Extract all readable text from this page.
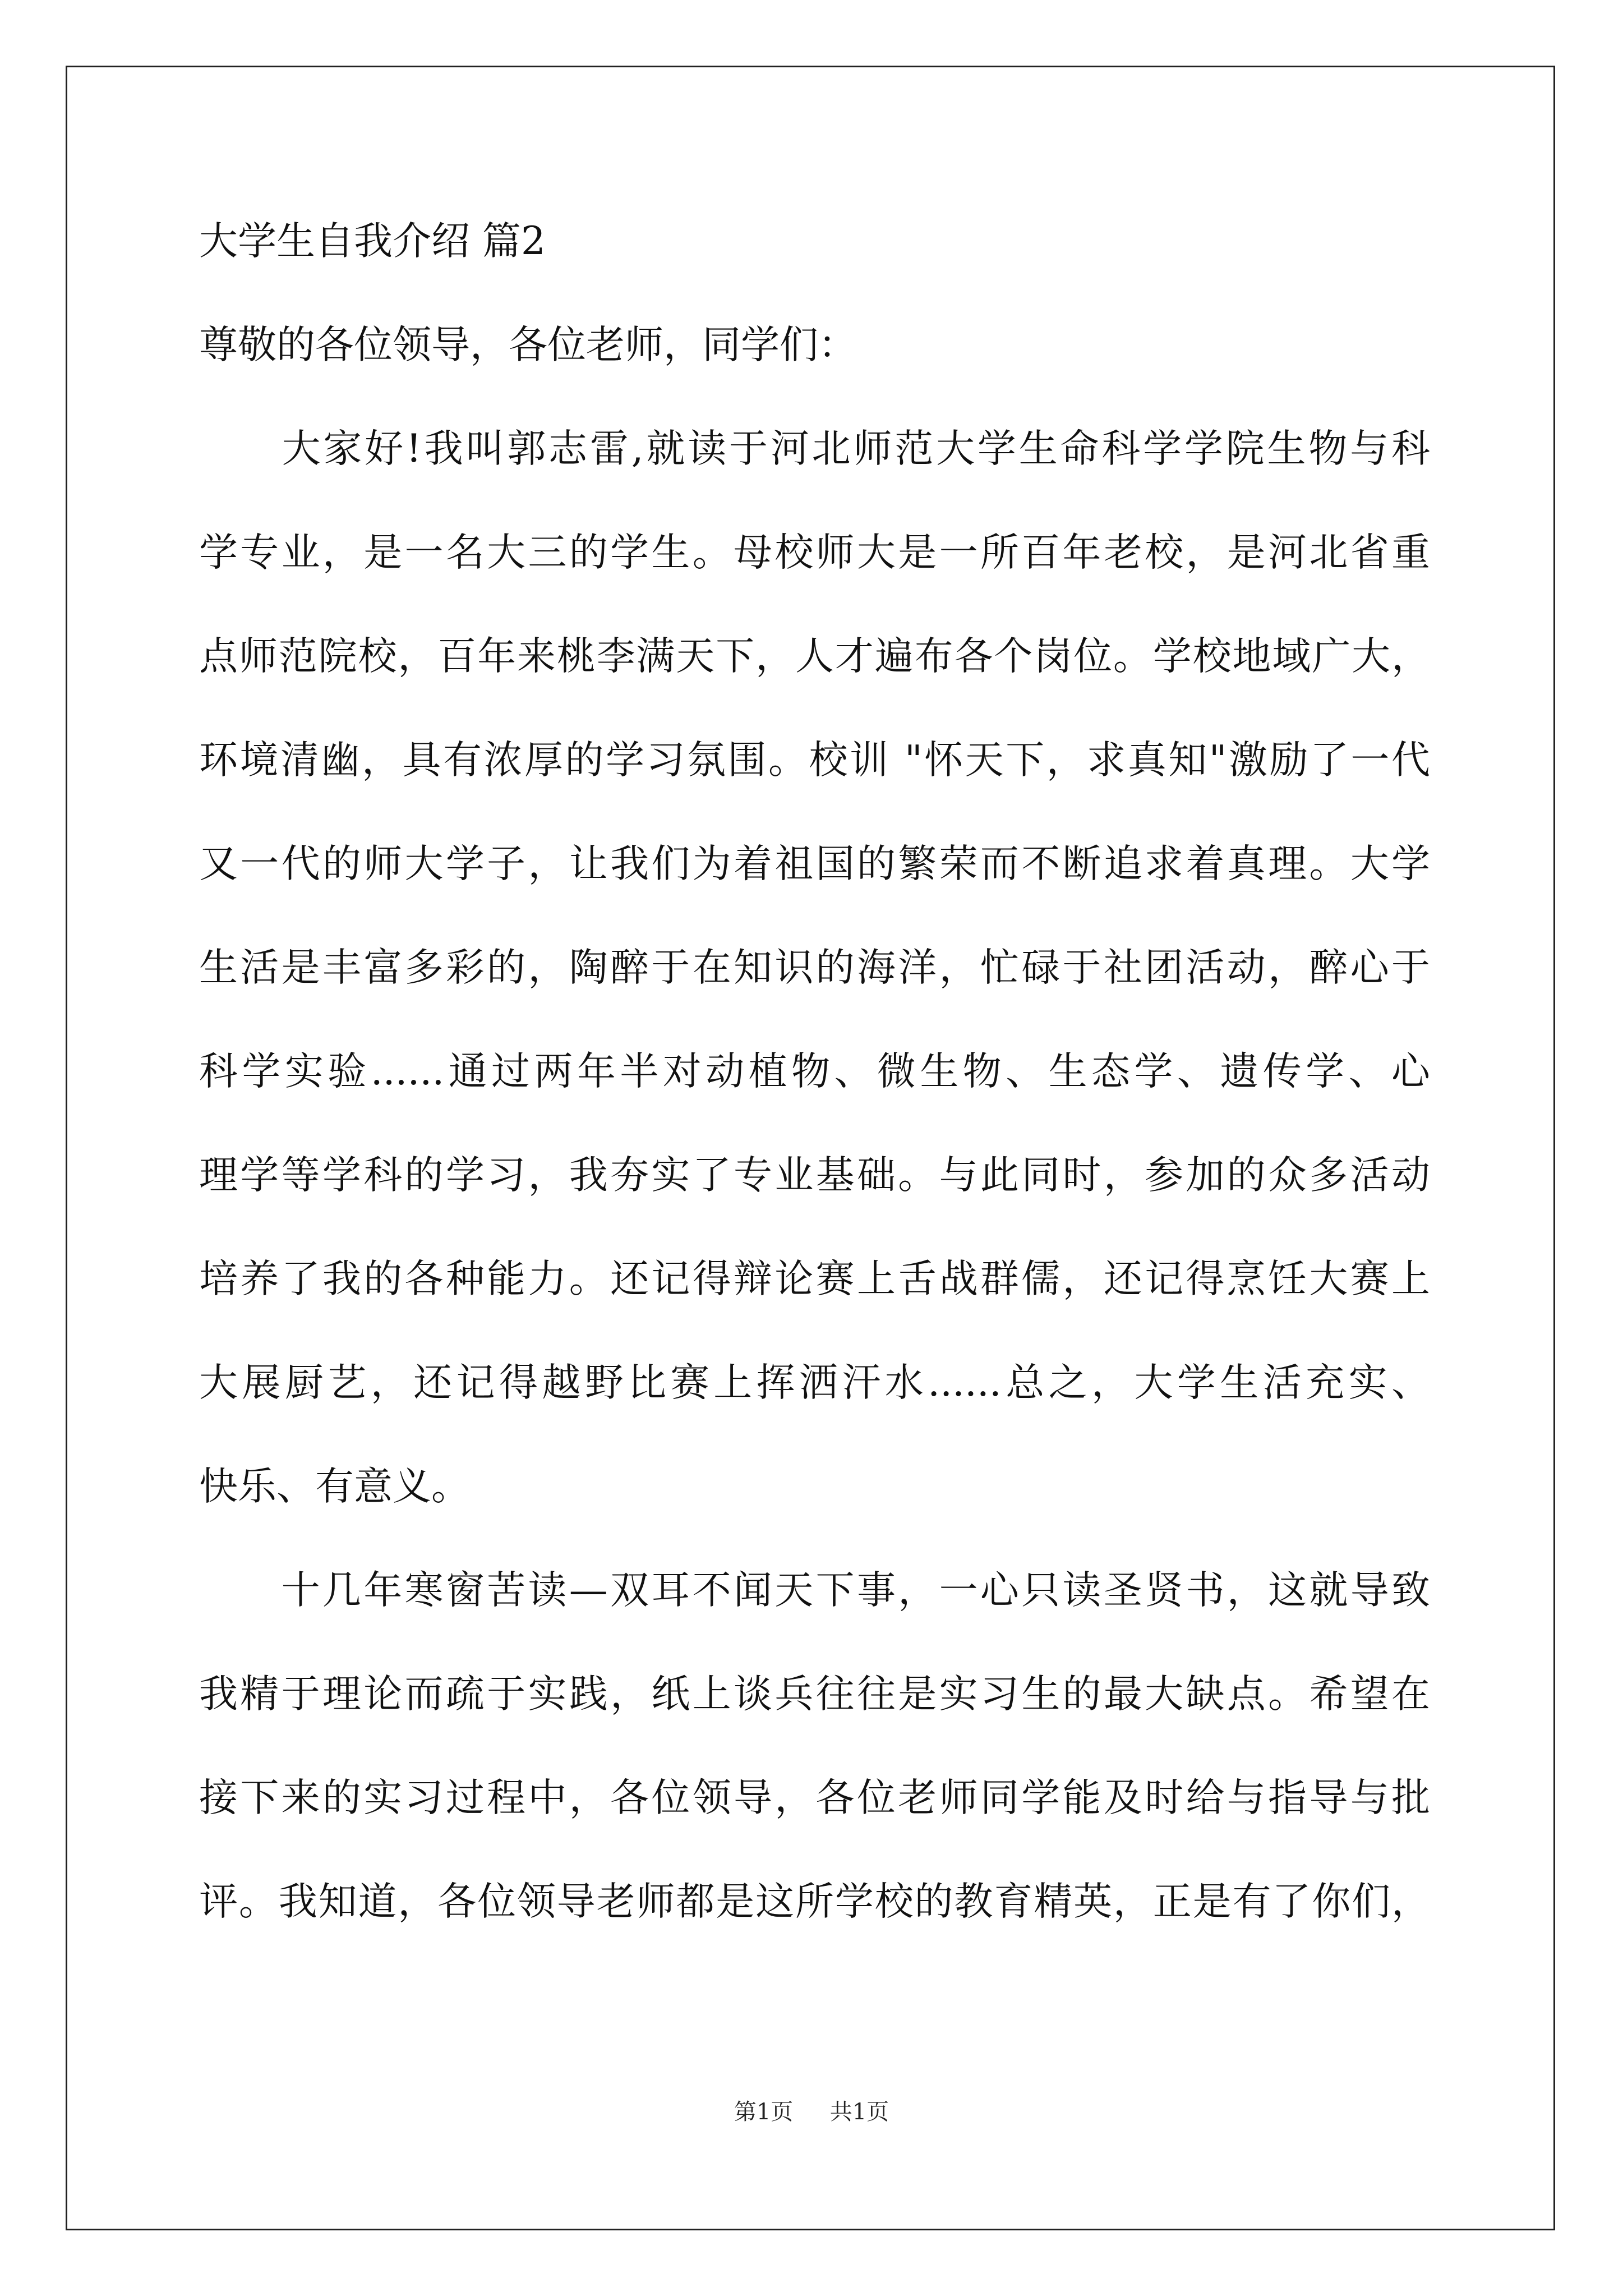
大学生自我介绍 篇2

尊敬的各位领导，各位老师，同学们：

　　大家好!我叫郭志雷,就读于河北师范大学生命科学学院生物与科
学专业，是一名大三的学生。母校师大是一所百年老校，是河北省重
点师范院校，百年来桃李满天下，人才遍布各个岗位。学校地域广大，
环境清幽，具有浓厚的学习氛围。校训 "怀天下，求真知"激励了一代
又一代的师大学子，让我们为着祖国的繁荣而不断追求着真理。大学
生活是丰富多彩的，陶醉于在知识的海洋，忙碌于社团活动，醉心于
科学实验......通过两年半对动植物、微生物、生态学、遗传学、心
理学等学科的学习，我夯实了专业基础。与此同时，参加的众多活动
培养了我的各种能力。还记得辩论赛上舌战群儒，还记得烹饪大赛上
大展厨艺，还记得越野比赛上挥洒汗水......总之，大学生活充实、
快乐、有意义。
　　十几年寒窗苦读—双耳不闻天下事，一心只读圣贤书，这就导致
我精于理论而疏于实践，纸上谈兵往往是实习生的最大缺点。希望在
接下来的实习过程中，各位领导，各位老师同学能及时给与指导与批
评。我知道，各位领导老师都是这所学校的教育精英，正是有了你们，
第1页 共1页
